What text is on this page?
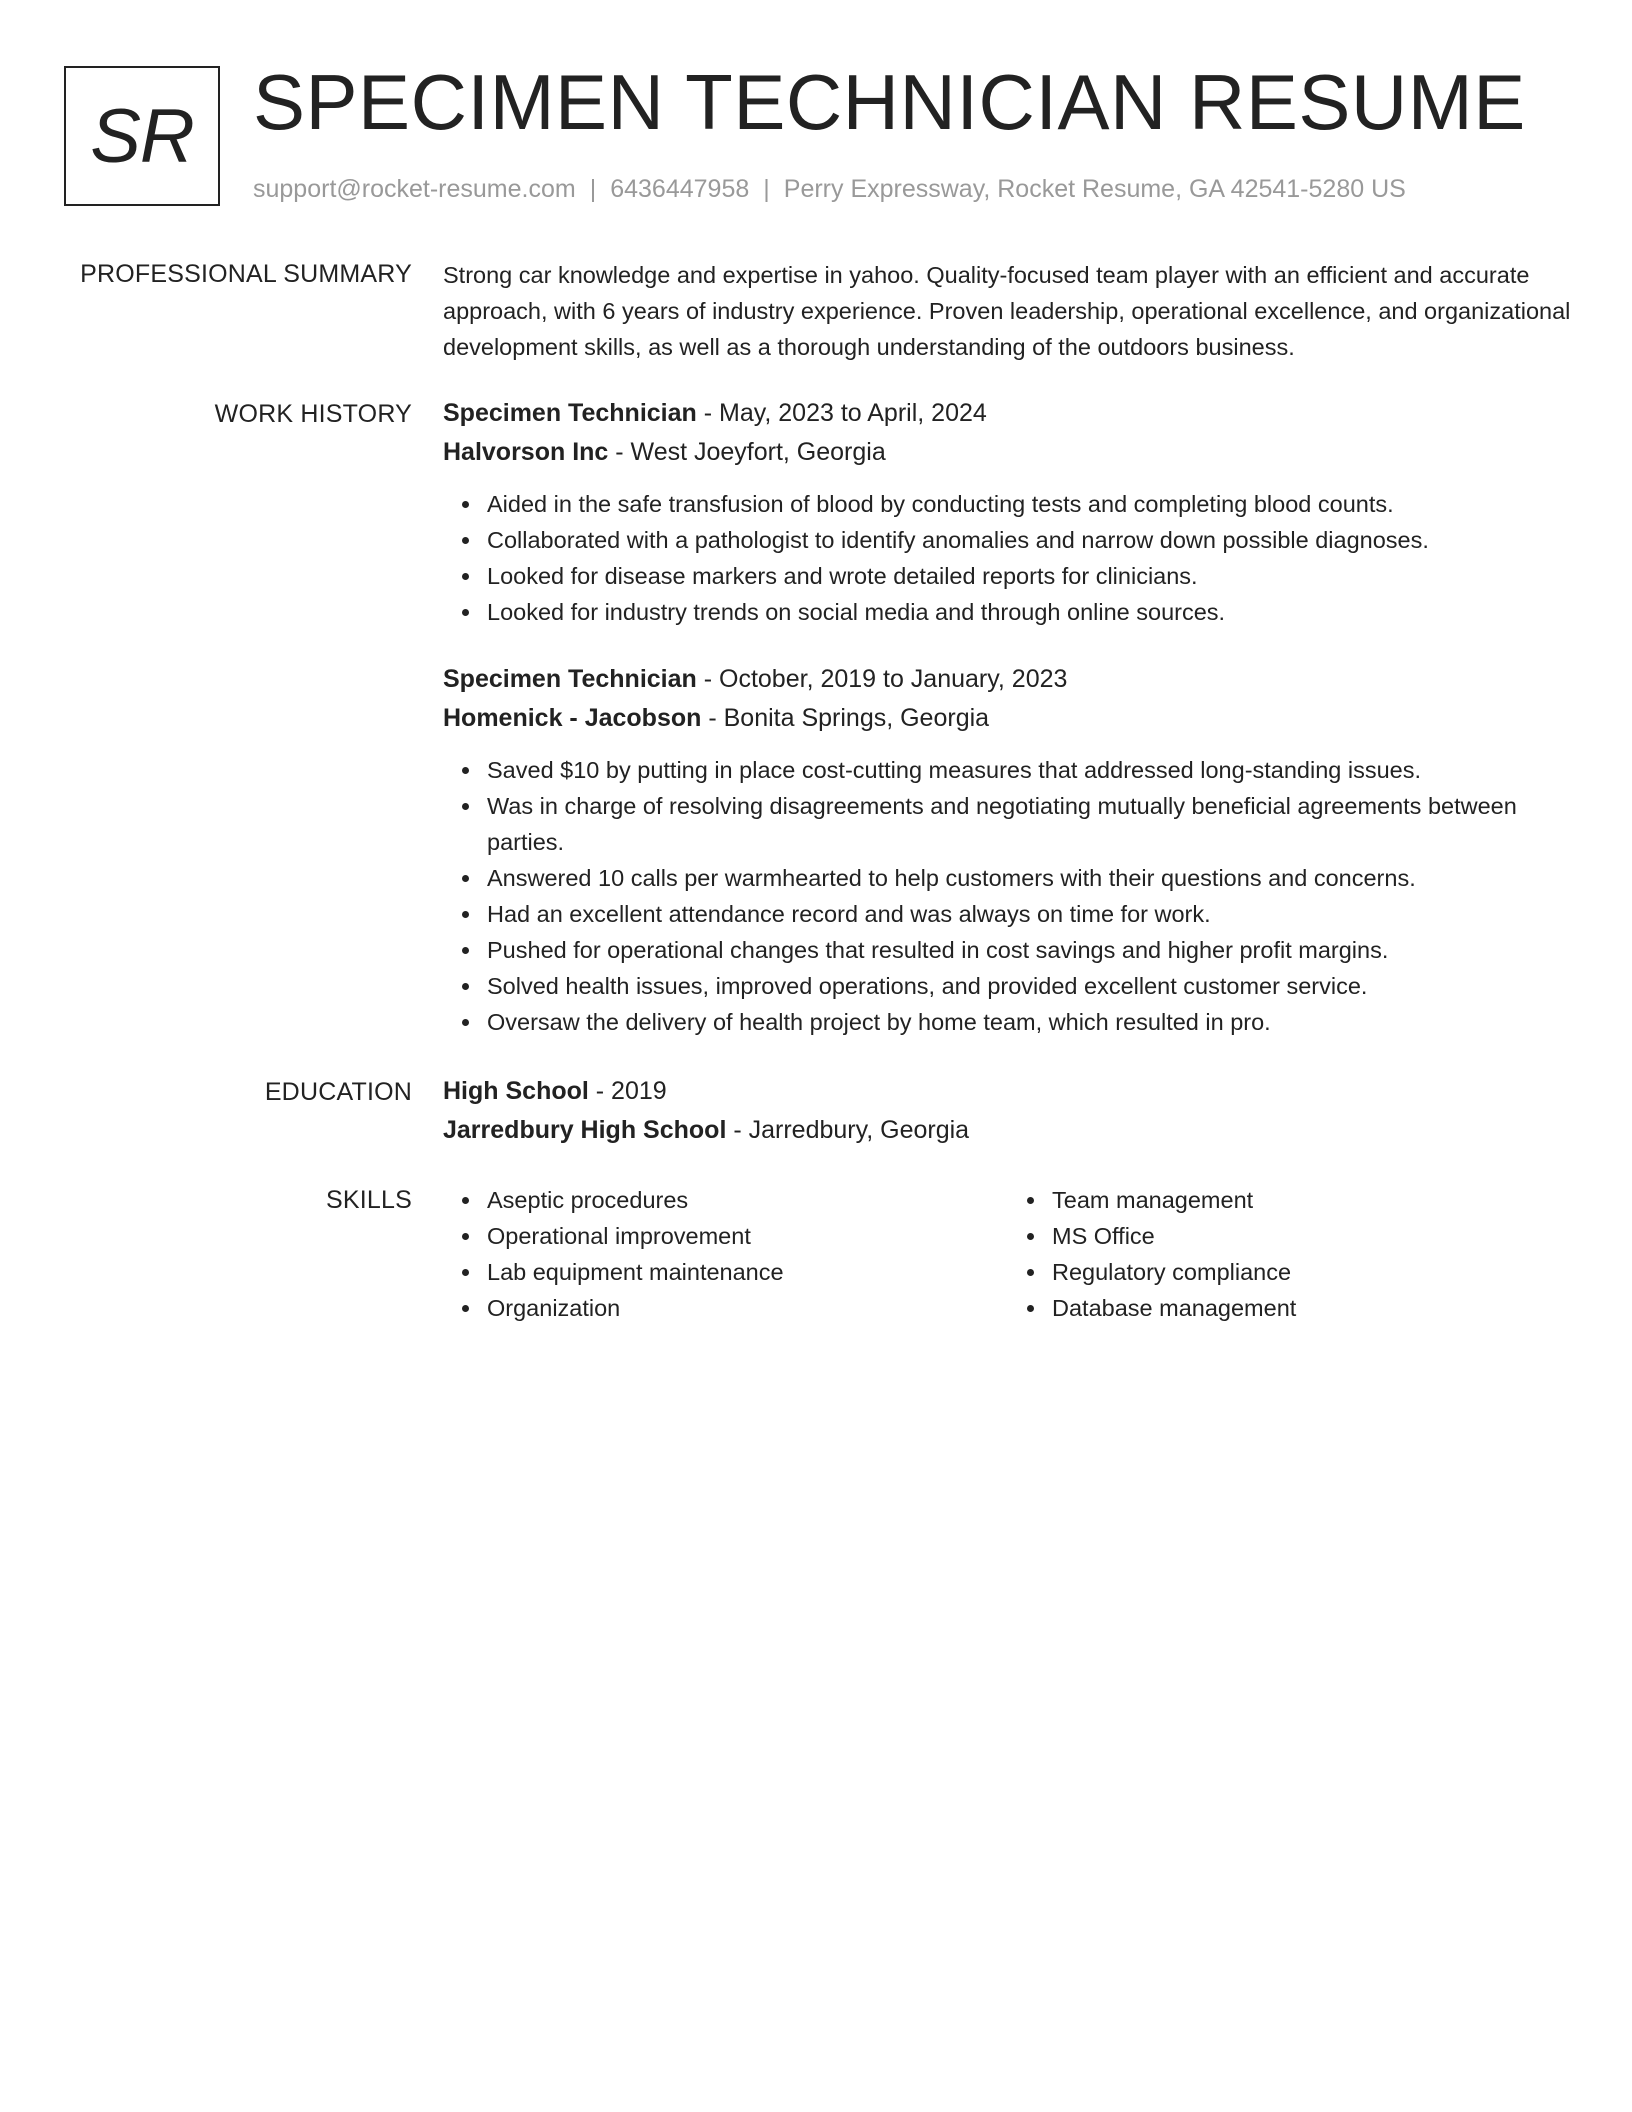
SR SPECIMEN TECHNICIAN RESUME
support@rocket-resume.com | 6436447958 | Perry Expressway, Rocket Resume, GA 42541-5280 US
PROFESSIONAL SUMMARY Strong car knowledge and expertise in yahoo. Quality-focused team player with an efficient and accurate approach, with 6 years of industry experience. Proven leadership, operational excellence, and organizational development skills, as well as a thorough understanding of the outdoors business.

WORK HISTORY Specimen Technician - May, 2023 to April, 2024
Halvorson Inc - West Joeyfort, Georgia
Aided in the safe transfusion of blood by conducting tests and completing blood counts.
Collaborated with a pathologist to identify anomalies and narrow down possible diagnoses.
Looked for disease markers and wrote detailed reports for clinicians.
Looked for industry trends on social media and through online sources.
Specimen Technician - October, 2019 to January, 2023
Homenick - Jacobson - Bonita Springs, Georgia
Saved $10 by putting in place cost-cutting measures that addressed long-standing issues.
Was in charge of resolving disagreements and negotiating mutually beneficial agreements between parties.
Answered 10 calls per warmhearted to help customers with their questions and concerns.
Had an excellent attendance record and was always on time for work.
Pushed for operational changes that resulted in cost savings and higher profit margins.
Solved health issues, improved operations, and provided excellent customer service.
Oversaw the delivery of health project by home team, which resulted in pro.
EDUCATION High School - 2019
Jarredbury High School - Jarredbury, Georgia
SKILLS	Aseptic procedures
Operational improvement
Lab equipment maintenance
Organization
Team management
MS Office
Regulatory compliance
Database management
